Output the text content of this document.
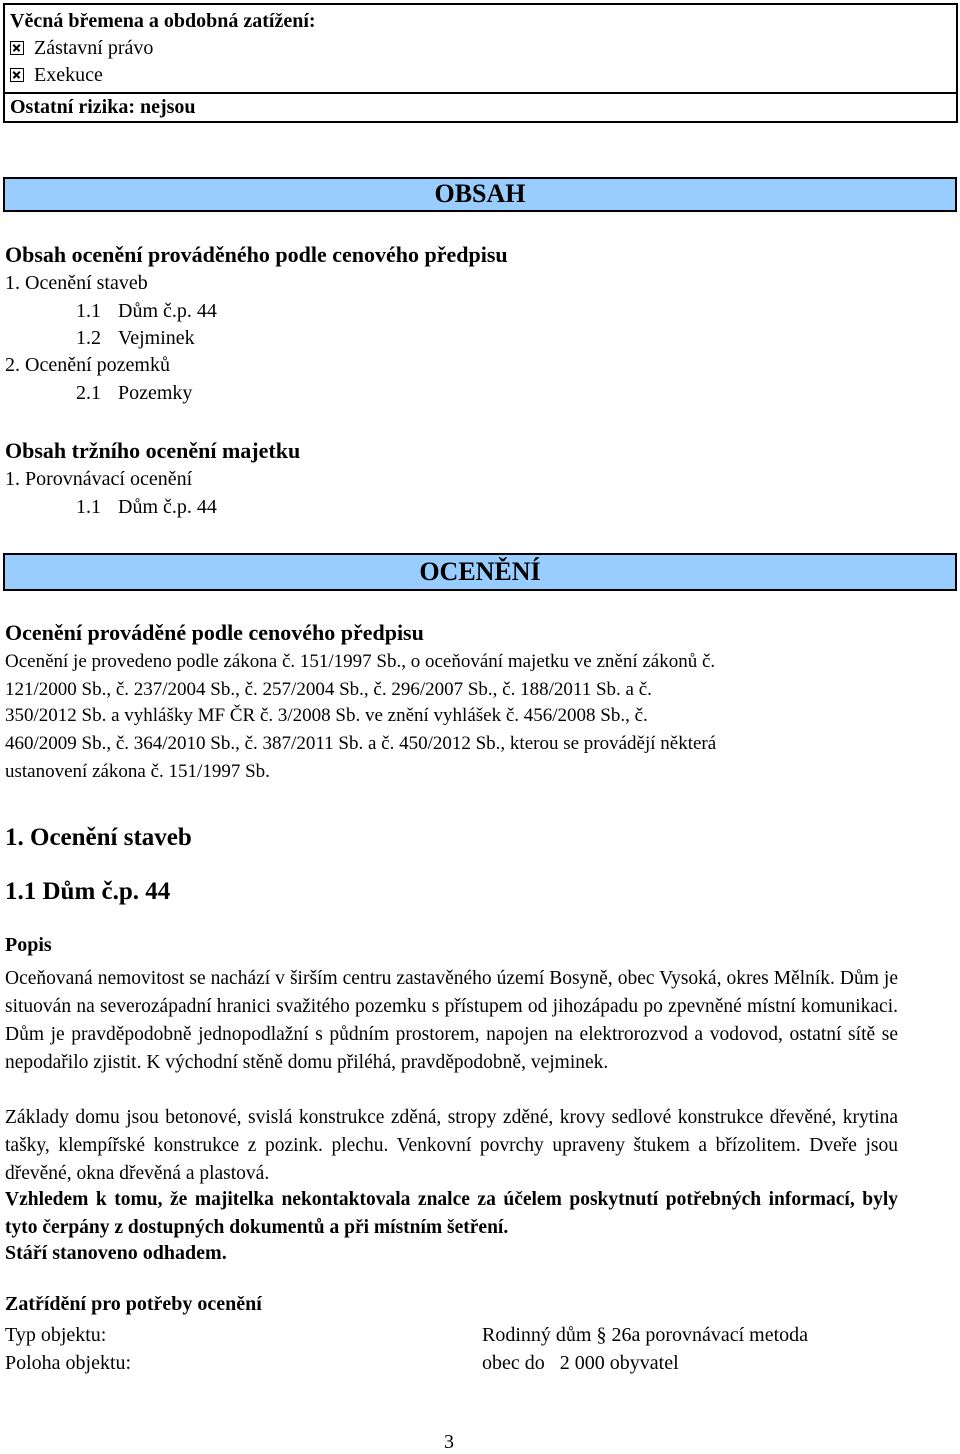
Věcná břemena a obdobná zatížení:
Zástavní právo
Exekuce
Ostatní rizika: nejsou
OBSAH
Obsah ocenění prováděného podle cenového předpisu
1. Ocenění staveb
1.1 Dům č.p. 44
1.2 Vejminek
2. Ocenění pozemků
2.1 Pozemky
Obsah tržního ocenění majetku
1. Porovnávací ocenění
1.1 Dům č.p. 44
OCENĚNÍ
Ocenění prováděné podle cenového předpisu
Ocenění je provedeno podle zákona č. 151/1997 Sb., o oceňování majetku ve znění zákonů č.
121/2000 Sb., č. 237/2004 Sb., č. 257/2004 Sb., č. 296/2007 Sb., č. 188/2011 Sb. a č.
350/2012 Sb. a vyhlášky MF ČR č. 3/2008 Sb. ve znění vyhlášek č. 456/2008 Sb., č.
460/2009 Sb., č. 364/2010 Sb., č. 387/2011 Sb. a č. 450/2012 Sb., kterou se provádějí některá
ustanovení zákona č. 151/1997 Sb.
1. Ocenění staveb
1.1 Dům č.p. 44
Popis
Oceňovaná nemovitost se nachází v širším centru zastavěného území Bosyně, obec Vysoká, okres Mělník. Dům je situován na severozápadní hranici svažitého pozemku s přístupem od jihozápadu po zpevněné místní komunikaci. Dům je pravděpodobně jednopodlažní s půdním prostorem, napojen na elektrorozvod a vodovod, ostatní sítě se nepodařilo zjistit. K východní stěně domu přiléhá, pravděpodobně, vejminek.
Základy domu jsou betonové, svislá konstrukce zděná, stropy zděné, krovy sedlové konstrukce dřevěné, krytina tašky, klempířské konstrukce z pozink. plechu. Venkovní povrchy upraveny štukem a břízolitem. Dveře jsou dřevěné, okna dřevěná a plastová.
Vzhledem k tomu, že majitelka nekontaktovala znalce za účelem poskytnutí potřebných informací, byly tyto čerpány z dostupných dokumentů a při místním šetření.
Stáří stanoveno odhadem.
Zatřídění pro potřeby ocenění
Typ objektu:	Rodinný dům § 26a porovnávací metoda
Poloha objektu:	obec do   2 000 obyvatel
3
